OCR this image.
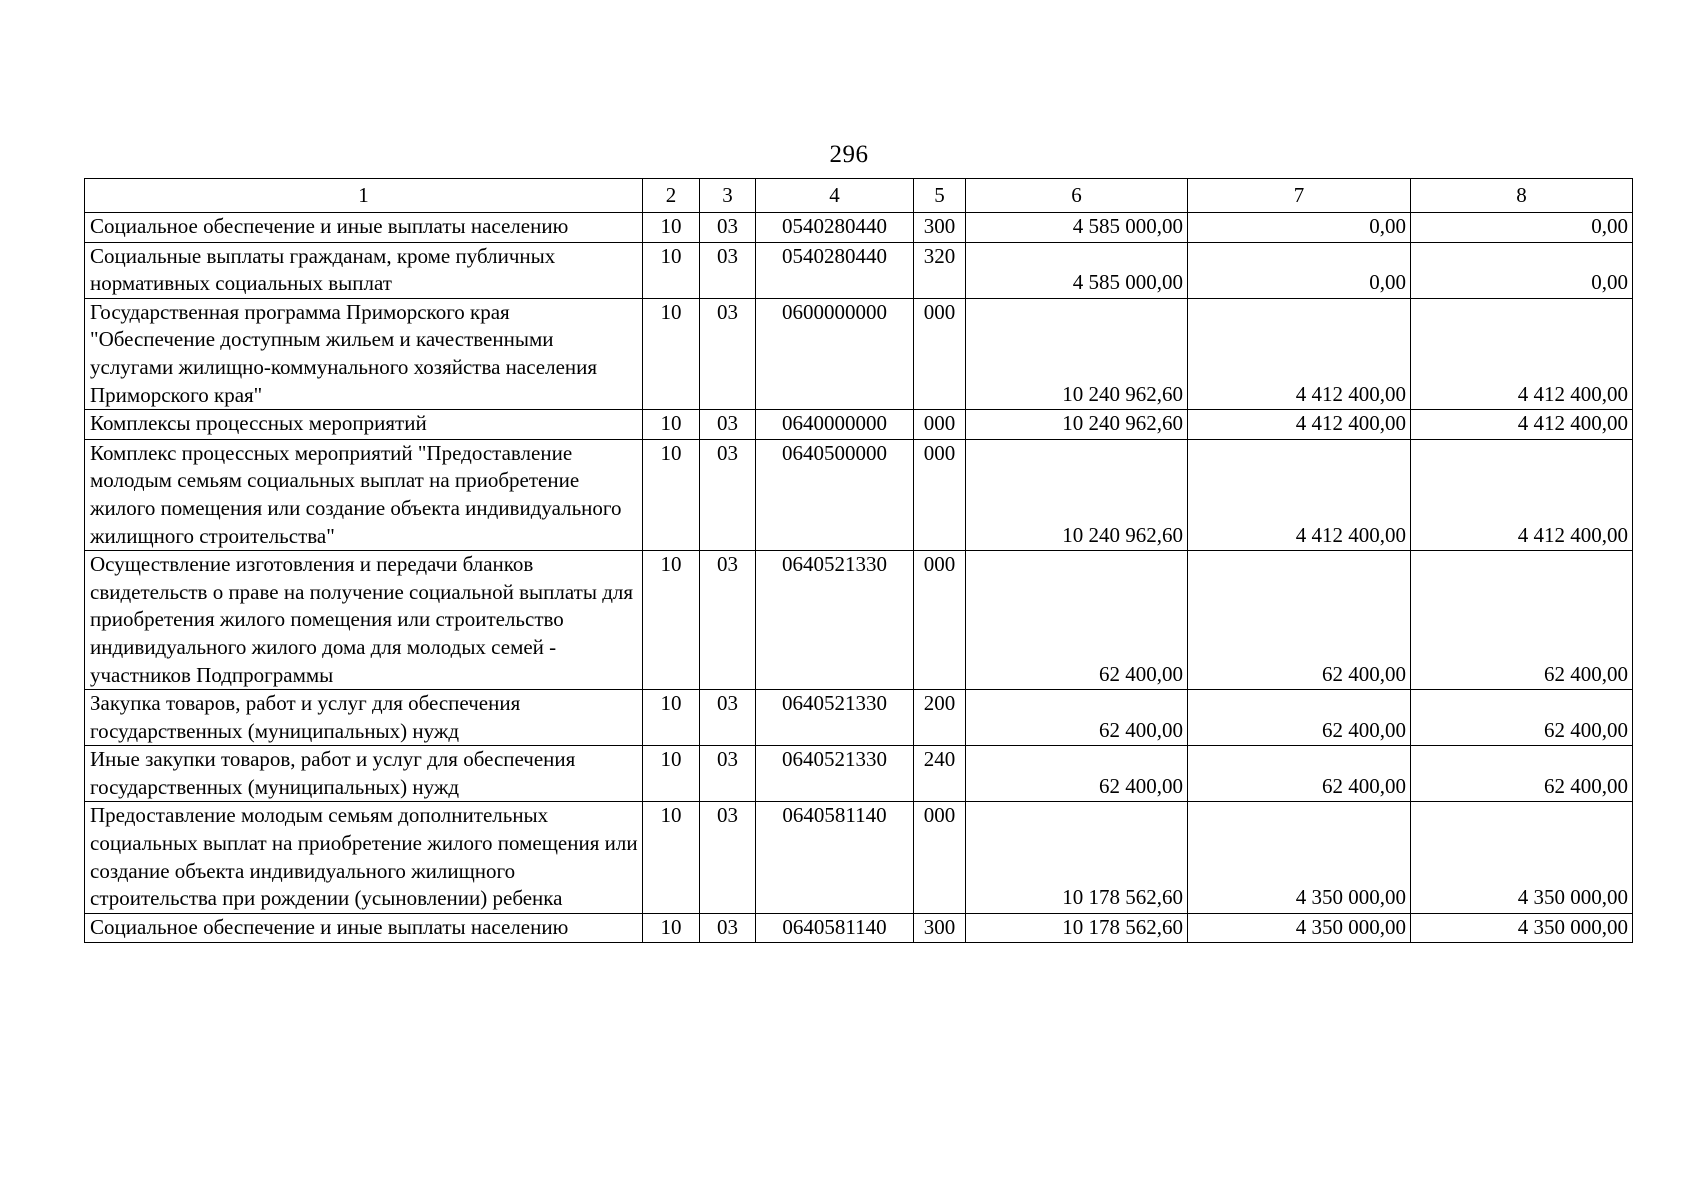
296
1	2	3	4	5	6	7	8
Социальное обеспечение и иные выплаты населению	10	03	0540280440	300	4 585 000,00	0,00	0,00
Социальные выплаты гражданам, кроме публичных нормативных социальных выплат	10	03	0540280440	320	4 585 000,00	0,00	0,00
Государственная программа Приморского края "Обеспечение доступным жильем и качественными услугами жилищно-коммунального хозяйства населения Приморского края"	10	03	0600000000	000	10 240 962,60	4 412 400,00	4 412 400,00
Комплексы процессных мероприятий	10	03	0640000000	000	10 240 962,60	4 412 400,00	4 412 400,00
Комплекс процессных мероприятий "Предоставление молодым семьям социальных выплат на приобретение жилого помещения или создание объекта индивидуального жилищного строительства"	10	03	0640500000	000	10 240 962,60	4 412 400,00	4 412 400,00
Осуществление изготовления и передачи бланков свидетельств о праве на получение социальной выплаты для приобретения жилого помещения или строительство индивидуального жилого дома для молодых семей - участников Подпрограммы	10	03	0640521330	000	62 400,00	62 400,00	62 400,00
Закупка товаров, работ и услуг для обеспечения государственных (муниципальных) нужд	10	03	0640521330	200	62 400,00	62 400,00	62 400,00
Иные закупки товаров, работ и услуг для обеспечения государственных (муниципальных) нужд	10	03	0640521330	240	62 400,00	62 400,00	62 400,00
Предоставление молодым семьям дополнительных социальных выплат на приобретение жилого помещения или создание объекта индивидуального жилищного строительства при рождении (усыновлении) ребенка	10	03	0640581140	000	10 178 562,60	4 350 000,00	4 350 000,00
Социальное обеспечение и иные выплаты населению	10	03	0640581140	300	10 178 562,60	4 350 000,00	4 350 000,00
